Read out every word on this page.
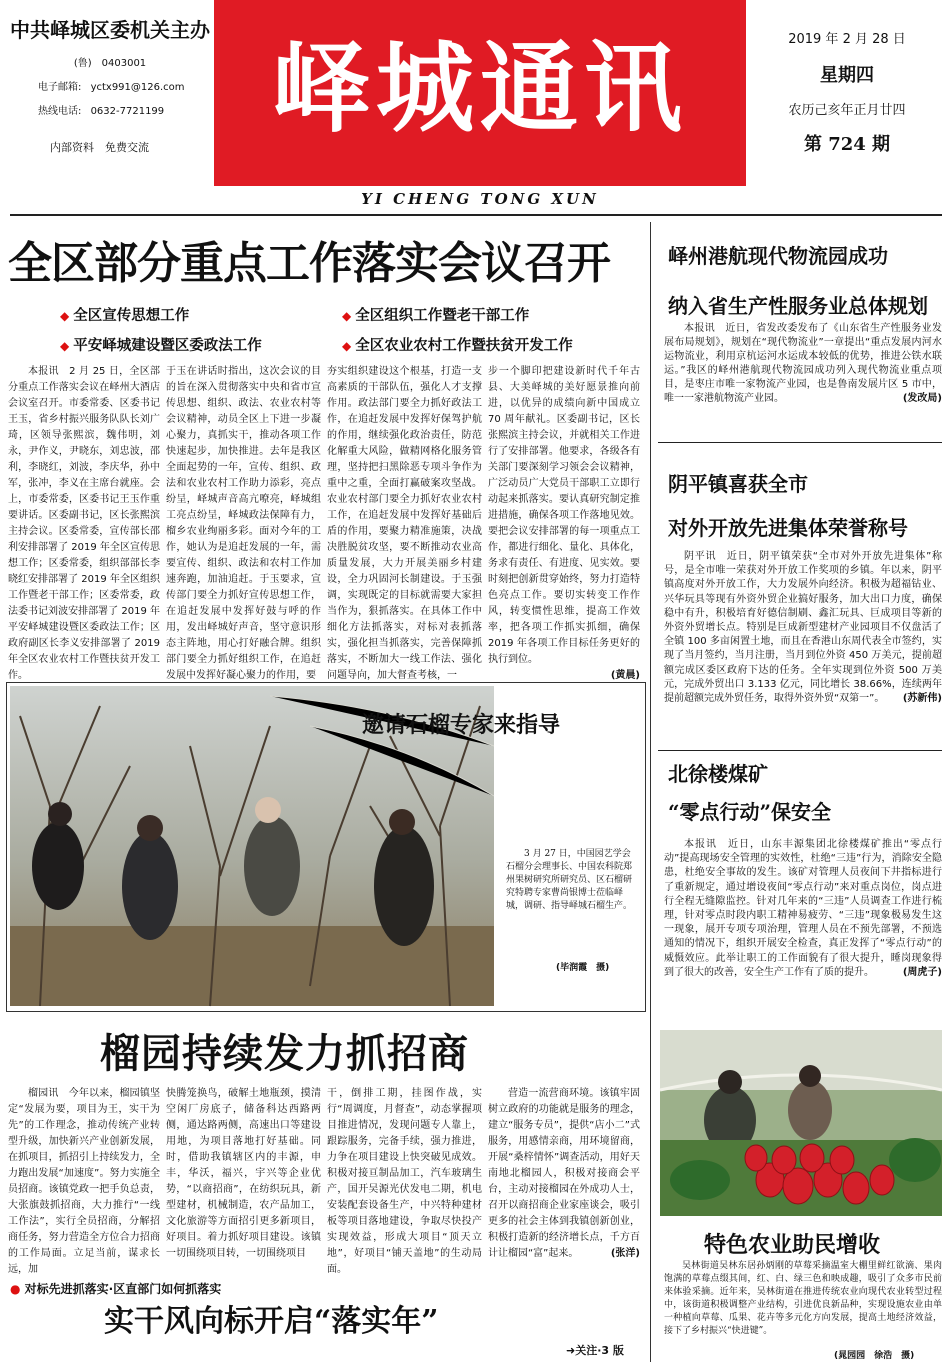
中共峄城区委机关主办
(鲁)　0403001
电子邮箱: yctx991@126.com
热线电话: 0632-7721199
内部资料　免费交流
峄城通讯
YI CHENG TONG XUN
2019 年 2 月 28 日
星期四
农历己亥年正月廿四
第 724 期
全区部分重点工作落实会议召开
◆ 全区宣传思想工作	◆ 全区组织工作暨老干部工作
◆ 平安峄城建设暨区委政法工作	◆ 全区农业农村工作暨扶贫开发工作

本报讯　2 月 25 日，全区部分重点工作落实会议在峄州大酒店会议室召开。市委常委、区委书记王玉，省乡村振兴服务队队长刘广琦，区领导张熙滨，魏伟明，刘永，尹作义，尹晓东，刘忠波，邵利，李晓红，刘波，李庆华，孙中军，张冲，李义在主席台就座。会上，市委常委，区委书记王玉作重要讲话。区委副书记，区长张熙滨主持会议。区委常委，宣传部长邵利安排部署了 2019 年全区宣传思想工作；区委常委，组织部部长李晓红安排部署了 2019 年全区组织工作暨老干部工作；区委常委，政法委书记刘波安排部署了 2019 年平安峄城建设暨区委政法工作；区政府副区长李义安排部署了 2019 年全区农业农村工作暨扶贫开发工作。

于玉在讲话时指出，这次会议的目的旨在深入贯彻落实中央和省市宣传思想、组织、政法、农业农村等会议精神，动员全区上下进一步凝心聚力，真抓实干，推动各项工作快速起步，加快推进。去年是我区全面起势的一年，宣传、组织、政法和农业农村工作助力添彩，亮点纷呈，峄城声音高亢嘹亮，峄城组工亮点纷呈，峄城政法保障有力，榴乡农业绚丽多彩。面对今年的工作，她认为是追赶发展的一年，需要宣传、组织、政法和农村工作加速奔跑，加油追赶。于玉要求，宣传部门要全力抓好宣传思想工作，在追赶发展中发挥好鼓与呼的作用，发出峄城好声音，坚守意识形态主阵地，用心打好融合牌。组织部门要全力抓好组织工作，在追赶发展中发挥好凝心聚力的作用，要

夯实组织建设这个根基，打造一支高素质的干部队伍，强化人才支撑作用。政法部门要全力抓好政法工作，在追赶发展中发挥好保驾护航的作用，继续强化政治责任，防范化解重大风险，做精网格化服务管理，坚持把扫黑除恶专项斗争作为重中之重，全面打赢破案攻坚战。农业农村部门要全力抓好农业农村工作，在追赶发展中发挥好基础后盾的作用，要聚力精准施策，决战决胜脱贫攻坚，要不断推动农业高质量发展，大力开展美丽乡村建设，全力巩固河长制建设。于玉强调，实现既定的目标就需要大家担当作为，狠抓落实。在具体工作中细化方法抓落实，对标对表抓落实，强化担当抓落实，完善保障抓落实，不断加大一线工作法、强化问题导向，加大督查考核，一

步一个脚印把建设新时代千年古县、大美峄城的美好愿景推向前进，以优异的成绩向新中国成立 70 周年献礼。区委副书记，区长张熙滨主持会议，并就相关工作进行了安排部署。他要求，各级各有关部门要深刻学习领会会议精神，广泛动员广大党员干部职工立即行动起来抓落实。要认真研究制定推进措施，确保各项工作落地见效。要把会议安排部署的每一项重点工作，都进行细化、量化、具体化，务求有责任、有进度、见实效。要时刻把创新贯穿始终，努力打造特色亮点工作。要切实转变工作作风，转变惯性思维，提高工作效率，把各项工作抓实抓细，确保 2019 年各项工作目标任务更好的执行到位。

(黄晨)
邀请石榴专家来指导
3 月 27 日，中国园艺学会石榴分会理事长、中国农科院郑州果树研究所研究员、区石榴研究特聘专家曹尚银博士莅临峄城，调研、指导峄城石榴生产。
(毕润霞　摄)
榴园持续发力抓招商

榴园讯　今年以来，榴园镇坚定“发展为要，项目为王，实干为先”的工作理念，推动传统产业转型升级，加快新兴产业创新发展，在抓项目，抓招引上持续发力，全力跑出发展“加速度”。努力实施全员招商。该镇党政一把手负总责，大张旗鼓抓招商，大力推行“一线工作法”，实行全员招商，分解招商任务，努力营造全方位合力招商的工作局面。立足当前，谋求长远，加

快腾笼换鸟，破解土地瓶颈，摸清空闲厂房底子，储备科达西路两侧，通达路两侧，高速出口等建设用地，为项目落地打好基础。同时，借助我镇辖区内的丰源，申丰，华沃，福兴，宇兴等企业优势，“以商招商”，在纺织玩具，新型建材，机械制造，农产品加工，文化旅游等方面招引更多新项目，好项目。着力抓好项目建设。该镇一切围绕项目转，一切围绕项目

干，倒排工期，挂图作战，实行“周调度，月督查”，动态掌握项目推进情况，发现问题专人靠上，跟踪服务，完备手续，强力推进，力争在项目建设上快突破见成效。积极对接亘制品加工，汽车玻璃生产，国开吴源光伏发电二期，机电安装配套设备生产，中兴特种建材板等项目落地建设，争取尽快投产实现效益，形成大项目“顶天立地”，好项目“铺天盖地”的生动局面。

营造一流营商环境。该镇牢固树立政府的功能就是服务的理念，建立“服务专员”，提供“店小二”式服务，用感情亲商，用环境留商，开展“桑梓情怀”调查活动，用好天南地北榴园人，积极对接商会平台，主动对接榴园在外成功人士，召开以商招商企业家座谈会，吸引更多的社会主体到我镇创新创业，积极打造新的经济增长点，千方百计让榴园“富”起来。	(张洋)
● 对标先进抓落实·区直部门如何抓落实
实干风向标开启“落实年”
➜关注·3 版
峄州港航现代物流园成功
纳入省生产性服务业总体规划

本报讯　近日，省发改委发布了《山东省生产性服务业发展布局规划》，规划在“现代物流业”一章提出“重点发展内河水运物流业，利用京杭运河水运成本较低的优势，推进公铁水联运。”我区的峄州港航现代物流园成功列入现代物流业重点项目，是枣庄市唯一家物流产业园，也是鲁南发展片区 5 市中，唯一一家港航物流产业园。	(发改局)
阴平镇喜获全市
对外开放先进集体荣誉称号

阴平讯　近日，阴平镇荣获“全市对外开放先进集体”称号，是全市唯一荣获对外开放工作奖项的乡镇。年以来，阴平镇高度对外开放工作，大力发展外向经济。积极为超福钻业、兴华玩具等现有外资外贸企业搞好服务，加大出口力度，确保稳中有升，积极培育好德信制刷、鑫汇玩具、巨成项目等新的外资外贸增长点。特别是巨成新型建材产业园项目不仅盘活了全镇 100 多亩闲置土地，而且在香港山东周代表全市签约，实现了当月签约，当月注册，当月到位外资 450 万美元，提前超额完成区委区政府下达的任务。全年实现到位外资 500 万美元，完成外贸出口 3.133 亿元，同比增长 38.66%，连续两年提前超额完成外贸任务，取得外资外贸“双第一”。	(苏新伟)
北徐楼煤矿
“零点行动”保安全

本报讯　近日，山东丰源集团北徐楼煤矿推出“零点行动”提高现场安全管理的实效性，杜绝“三违”行为，消除安全隐患，杜绝安全事故的发生。该矿对管理人员夜间下井指标进行了重新规定，通过增设夜间“零点行动”来对重点岗位，岗点进行全程无缝隙监控。针对几年来的“三违”人员调查工作进行梳理，针对零点时段内职工精神易疲劳、“三违”现象极易发生这一现象，展开专项专项治理，管理人员在不预先部署，不预选通知的情况下，组织开展安全检查，真正发挥了“零点行动”的威慑效应。此举让职工的工作面貌有了很大提升，睡岗现象得到了很大的改善，安全生产工作有了质的提升。	(周虎子)
特色农业助民增收
吴林街道吴林东居孙炳刚的草莓采摘温室大棚里鲜红欲滴、果肉饱满的草莓点缀其间，红、白、绿三色和映成趣，吸引了众多市民前来体验采摘。近年来，吴林街道在推进传统农业向现代农业转型过程中，该街道积极调整产业结构，引进优良新品种，实现设施农业由单一种植向草莓、瓜果、花卉等多元化方向发展，提高土地经济效益，接下了乡村振兴“快进键”。
(晁园园　徐浩　摄)
